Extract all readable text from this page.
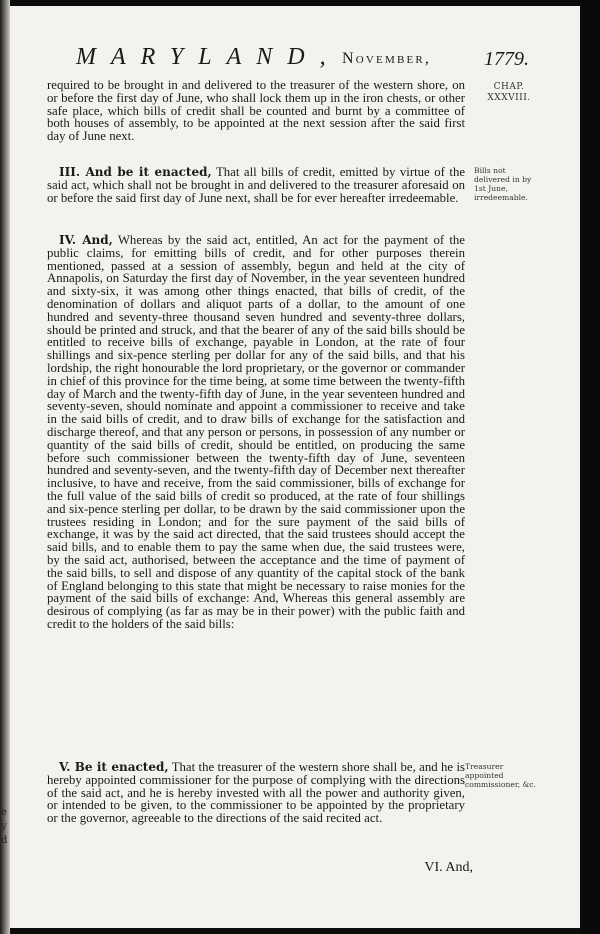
e y d
MARYLAND, November,	1779.
CHAP. XXXVIII.
Bills not delivered in by 1st June, irredeemable.
Treasurer appointed commissioner, &c.
required to be brought in and delivered to the treasurer of the western shore, on or before the first day of June, who shall lock them up in the iron chests, or other safe place, which bills of credit shall be counted and burnt by a committee of both houses of assembly, to be appointed at the next session after the said first day of June next.
III. And be it enacted, That all bills of credit, emitted by virtue of the said act, which shall not be brought in and delivered to the treasurer aforesaid on or before the said first day of June next, shall be for ever hereafter irredeemable.
IV. And, Whereas by the said act, entitled, An act for the payment of the public claims, for emitting bills of credit, and for other purposes therein mentioned, passed at a session of assembly, begun and held at the city of Annapolis, on Saturday the first day of November, in the year seventeen hundred and sixty-six, it was among other things enacted, that bills of credit, of the denomination of dollars and aliquot parts of a dollar, to the amount of one hundred and seventy-three thousand seven hundred and seventy-three dollars, should be printed and struck, and that the bearer of any of the said bills should be entitled to receive bills of exchange, payable in London, at the rate of four shillings and six-pence sterling per dollar for any of the said bills, and that his lordship, the right honourable the lord proprietary, or the governor or commander in chief of this province for the time being, at some time between the twenty-fifth day of March and the twenty-fifth day of June, in the year seventeen hundred and seventy-seven, should nominate and appoint a commissioner to receive and take in the said bills of credit, and to draw bills of exchange for the satisfaction and discharge thereof, and that any person or persons, in possession of any number or quantity of the said bills of credit, should be entitled, on producing the same before such commissioner between the twenty-fifth day of June, seventeen hundred and seventy-seven, and the twenty-fifth day of December next thereafter inclusive, to have and receive, from the said commissioner, bills of exchange for the full value of the said bills of credit so produced, at the rate of four shillings and six-pence sterling per dollar, to be drawn by the said commissioner upon the trustees residing in London; and for the sure payment of the said bills of exchange, it was by the said act directed, that the said trustees should accept the said bills, and to enable them to pay the same when due, the said trustees were, by the said act, authorised, between the acceptance and the time of payment of the said bills, to sell and dispose of any quantity of the capital stock of the bank of England belonging to this state that might be necessary to raise monies for the payment of the said bills of exchange: And, Whereas this general assembly are desirous of complying (as far as may be in their power) with the public faith and credit to the holders of the said bills:
V. Be it enacted, That the treasurer of the western shore shall be, and he is hereby appointed commissioner for the purpose of complying with the directions of the said act, and he is hereby invested with all the power and authority given, or intended to be given, to the commissioner to be appointed by the proprietary or the governor, agreeable to the directions of the said recited act.
VI. And,
